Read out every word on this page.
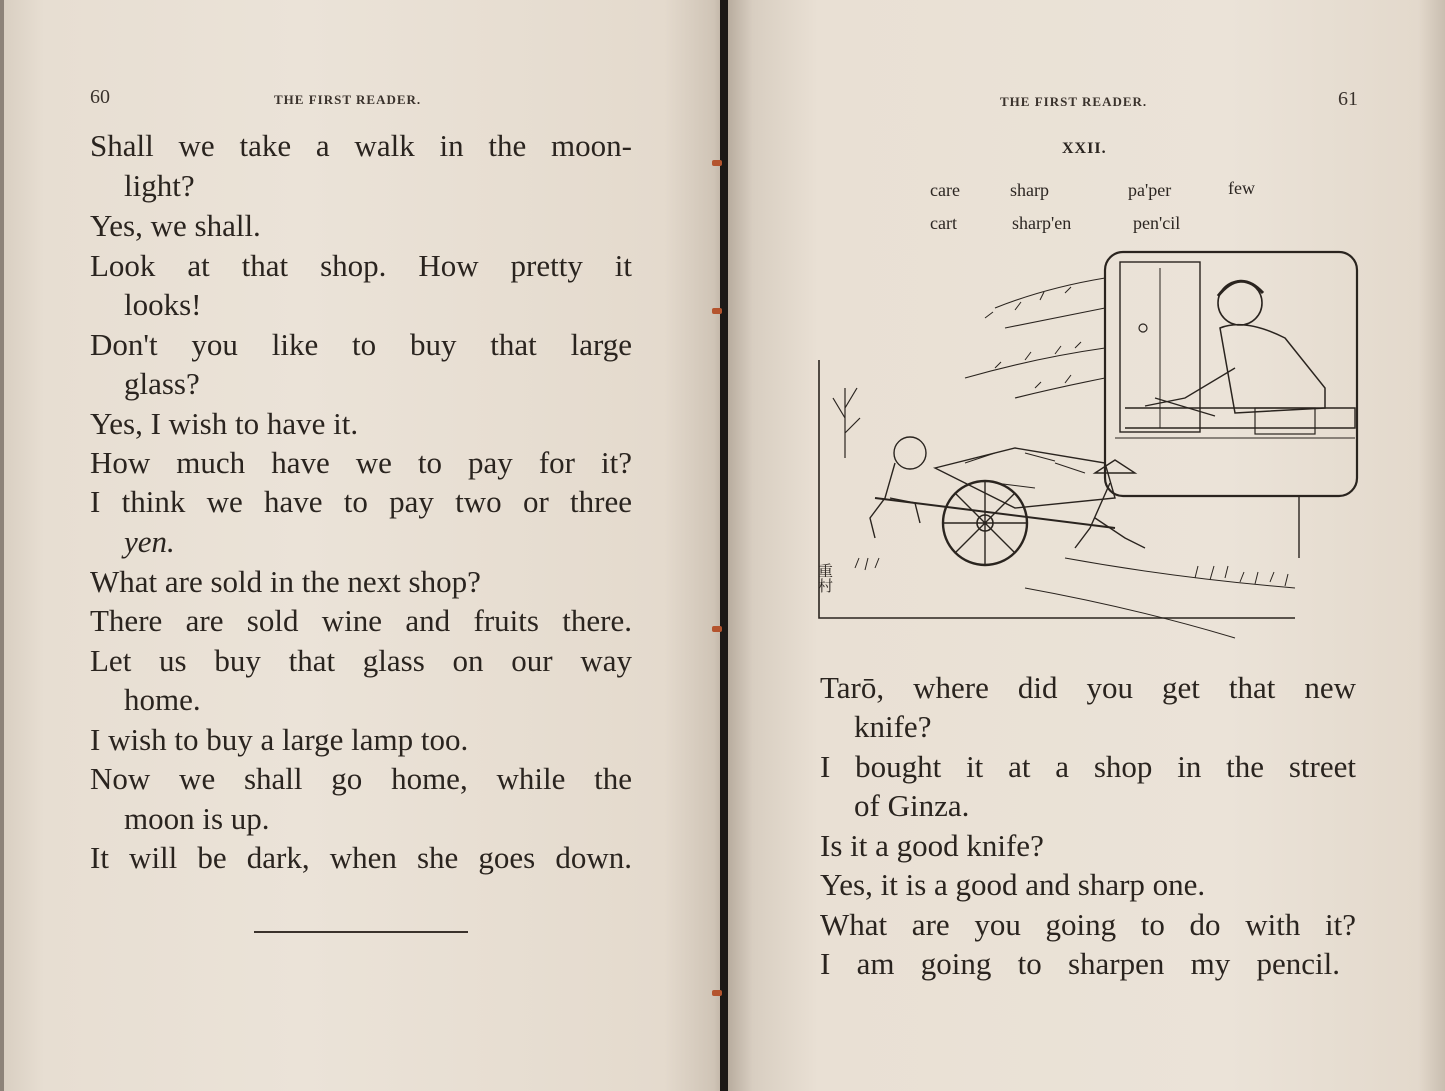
60	THE FIRST READER.
Shall we take a walk in the moon-
light?
Yes, we shall.
Look at that shop. How pretty it
looks!
Don't you like to buy that large
glass?
Yes, I wish to have it.
How much have we to pay for it?
I think we have to pay two or three
yen.
What are sold in the next shop?
There are sold wine and fruits there.
Let us buy that glass on our way
home.
I wish to buy a large lamp too.
Now we shall go home, while the
moon is up.
It will be dark, when she goes down.
THE FIRST READER.	61
XXII.
care	sharp	pa'per	few
cart	sharp'en	pen'cil
重村
Tarō, where did you get that new
knife?
I bought it at a shop in the street
of Ginza.
Is it a good knife?
Yes, it is a good and sharp one.
What are you going to do with it?
I am going to sharpen my pencil.
